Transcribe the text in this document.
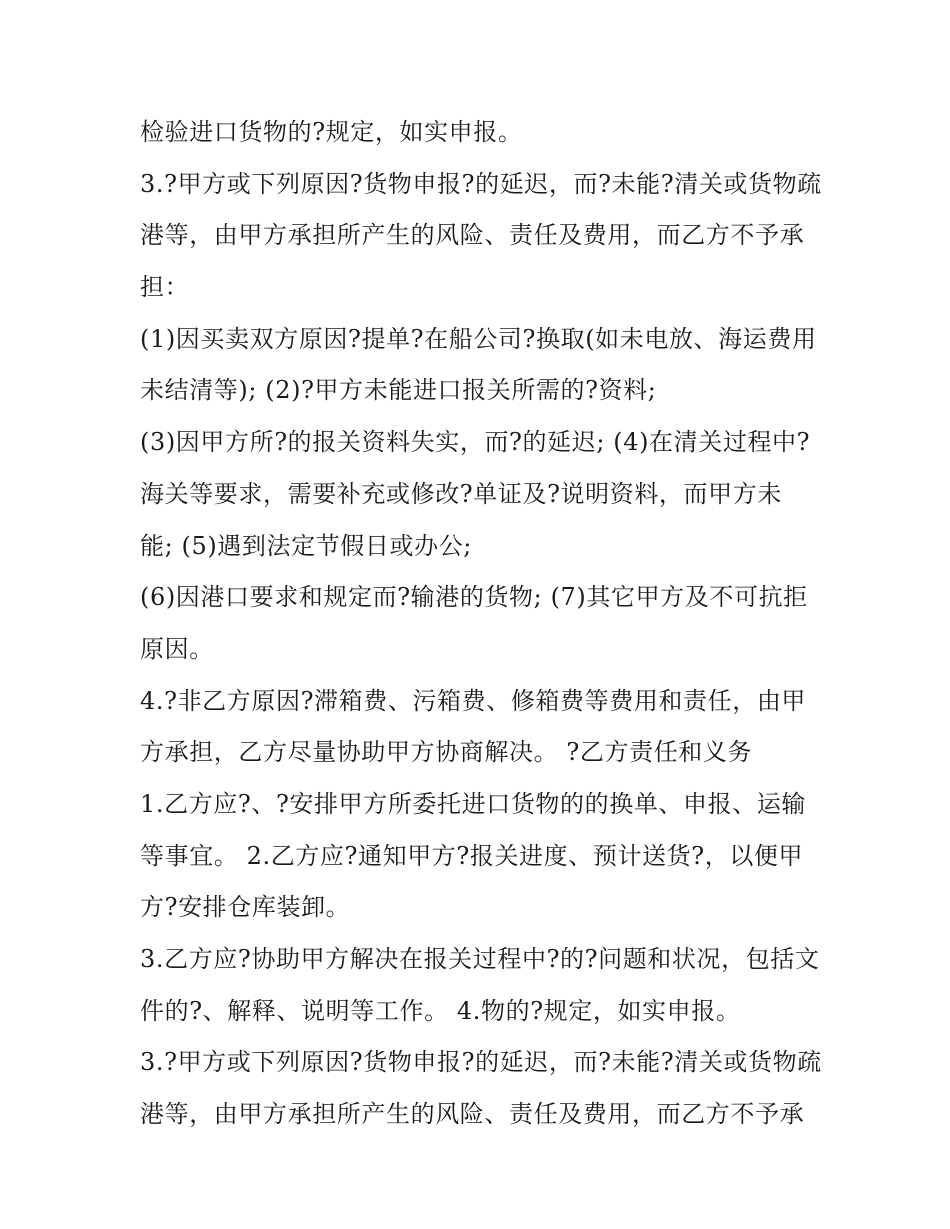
检验进口货物的?规定，如实申报。
3.?甲方或下列原因?货物申报?的延迟，而?未能?清关或货物疏
港等，由甲方承担所产生的风险、责任及费用，而乙方不予承
担：
(1)因买卖双方原因?提单?在船公司?换取(如未电放、海运费用
未结清等); (2)?甲方未能进口报关所需的?资料;
(3)因甲方所?的报关资料失实，而?的延迟; (4)在清关过程中?
海关等要求，需要补充或修改?单证及?说明资料，而甲方未
能; (5)遇到法定节假日或办公;
(6)因港口要求和规定而?输港的货物; (7)其它甲方及不可抗拒
原因。
4.?非乙方原因?滞箱费、污箱费、修箱费等费用和责任，由甲
方承担，乙方尽量协助甲方协商解决。 ?乙方责任和义务
1.乙方应?、?安排甲方所委托进口货物的的换单、申报、运输
等事宜。 2.乙方应?通知甲方?报关进度、预计送货?，以便甲
方?安排仓库装卸。
3.乙方应?协助甲方解决在报关过程中?的?问题和状况，包括文
件的?、解释、说明等工作。 4.物的?规定，如实申报。
3.?甲方或下列原因?货物申报?的延迟，而?未能?清关或货物疏
港等，由甲方承担所产生的风险、责任及费用，而乙方不予承
